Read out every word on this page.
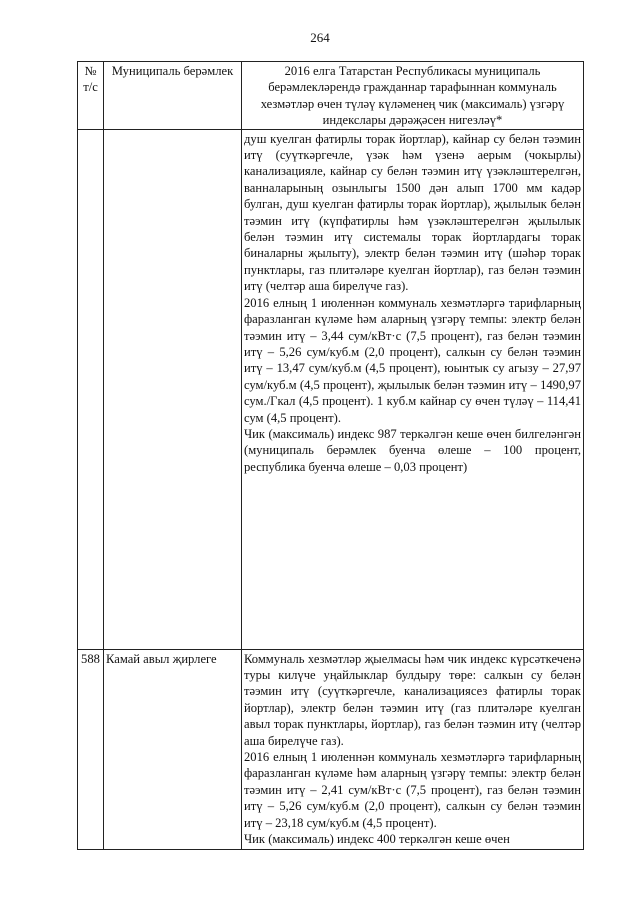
264
№ т/с	Муниципаль берәмлек	2016 елга Татарстан Республикасы муниципаль берәмлекләрендә гражданнар тарафыннан коммуналь хезмәтләр өчен түләү күләменең чик (максималь) үзгәрү индекслары дәрәҗәсен нигезләү*

		душ куелган фатирлы торак йортлар), кайнар су белән тәэмин итү (суүткәргечле, үзәк һәм үзенә аерым (чокырлы) канализацияле, кайнар су белән тәэмин итү үзәкләштерелгән, ванналарының озынлыгы 1500 дән алып 1700 мм кадәр булган, душ куелган фатирлы торак йортлар), җылылык белән тәэмин итү (күпфатирлы һәм үзәкләштерелгән җылылык белән тәэмин итү системалы торак йортлардагы торак биналарны җылыту), электр белән тәэмин итү (шәһәр торак пунктлары, газ плитәләре куелган йортлар), газ белән тәэмин итү (челтәр аша бирелүче газ).

2016 елның 1 июленнән коммуналь хезмәтләргә тарифларның фаразланган күләме һәм аларның үзгәрү темпы: электр белән тәэмин итү – 3,44 сум/кВт·с (7,5 процент), газ белән тәэмин итү – 5,26 сум/куб.м (2,0 процент), салкын су белән тәэмин итү – 13,47 сум/куб.м (4,5 процент), юынтык су агызу – 27,97 сум/куб.м (4,5 процент), җылылык белән тәэмин итү – 1490,97 сум./Гкал (4,5 процент). 1 куб.м кайнар су өчен түләү – 114,41 сум (4,5 процент).

Чик (максималь) индекс 987 теркәлгән кеше өчен билгеләнгән (муниципаль берәмлек буенча өлеше – 100 процент, республика буенча өлеше – 0,03 процент)

588	Камай авыл җирлеге	Коммуналь хезмәтләр җыелмасы һәм чик индекс күрсәткеченә туры килүче уңайлыклар булдыру төре: салкын су белән тәэмин итү (суүткәргечле, канализациясез фатирлы торак йортлар), электр белән тәэмин итү (газ плитәләре куелган авыл торак пунктлары, йортлар), газ белән тәэмин итү (челтәр аша бирелүче газ).

2016 елның 1 июленнән коммуналь хезмәтләргә тарифларның фаразланган күләме һәм аларның үзгәрү темпы: электр белән тәэмин итү – 2,41 сум/кВт·с (7,5 процент), газ белән тәэмин итү – 5,26 сум/куб.м (2,0 процент), салкын су белән тәэмин итү – 23,18 сум/куб.м (4,5 процент).

Чик (максималь) индекс 400 теркәлгән кеше өчен
